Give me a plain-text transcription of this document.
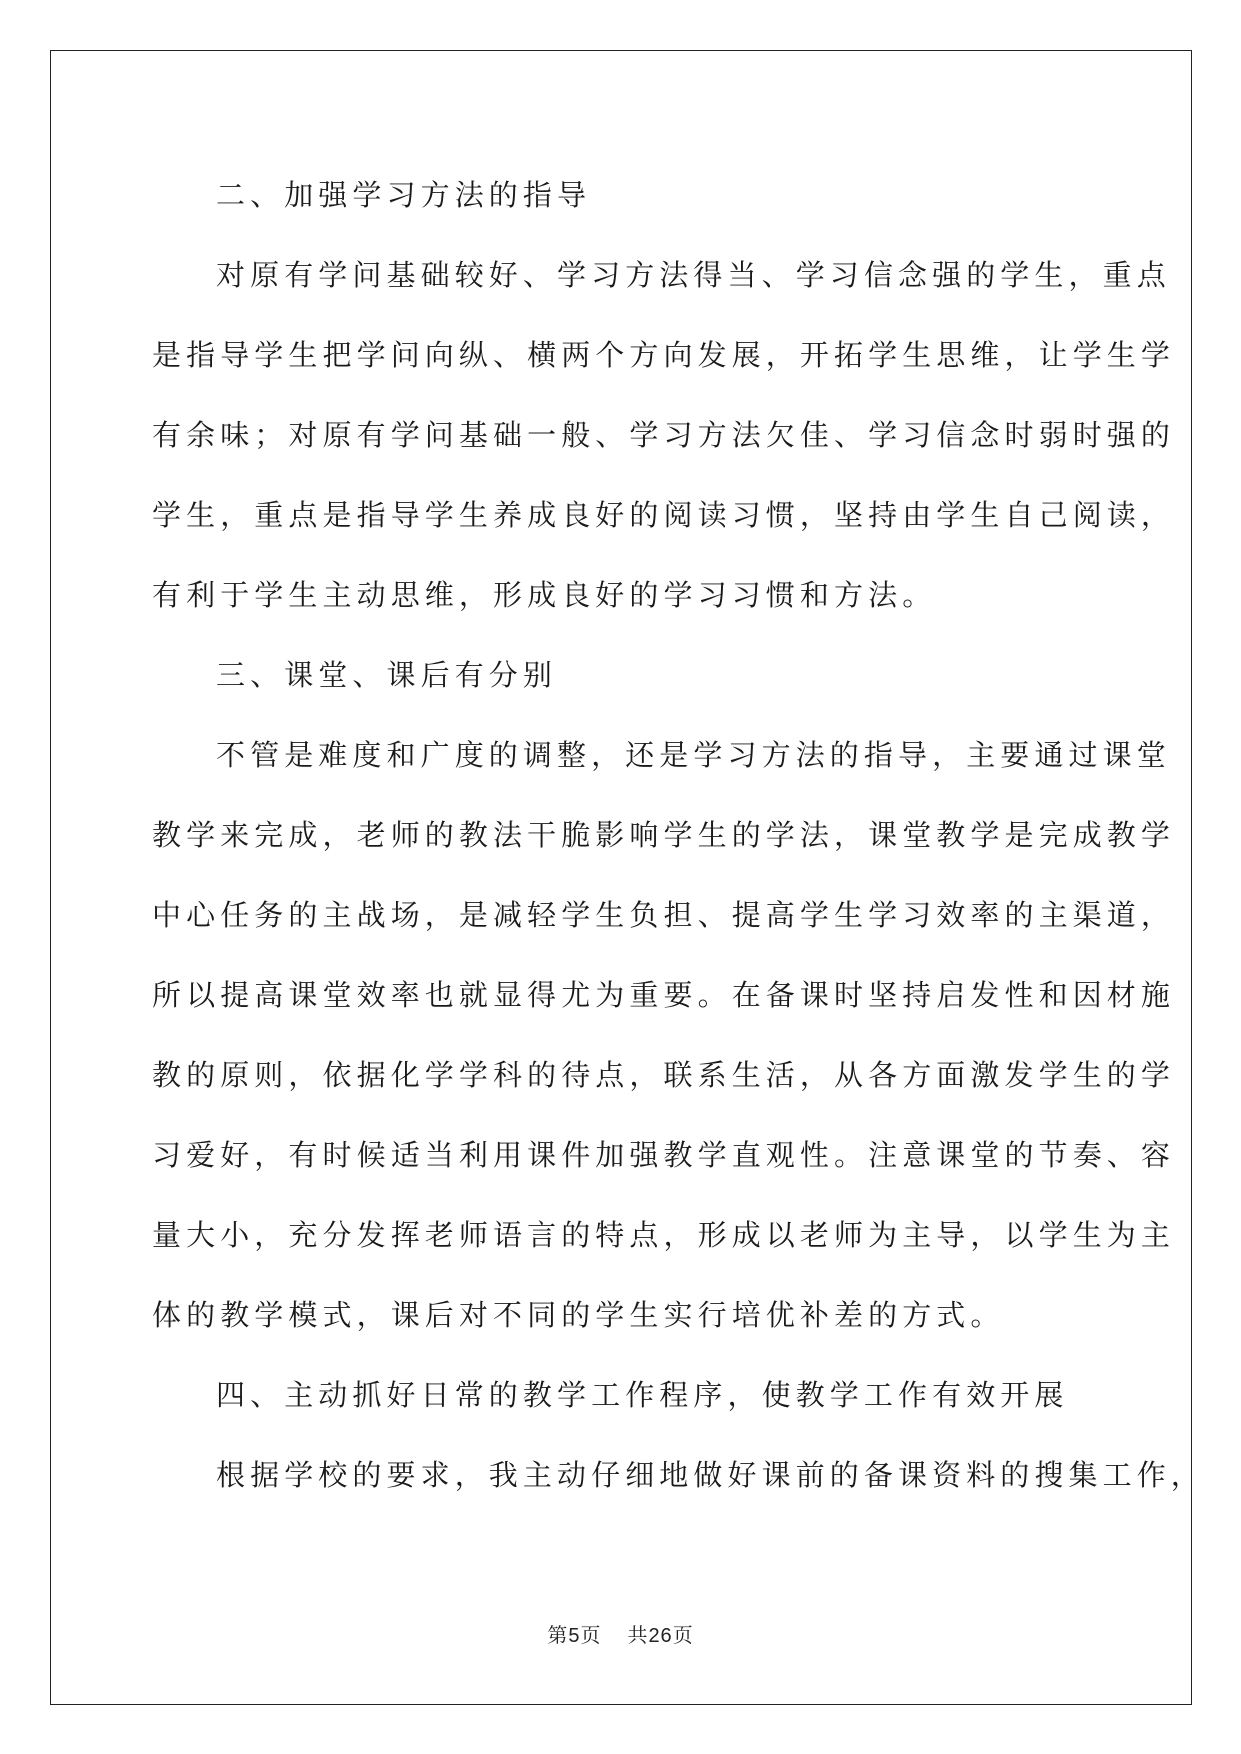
二、加强学习方法的指导
对原有学问基础较好、学习方法得当、学习信念强的学生，重点
是指导学生把学问向纵、横两个方向发展，开拓学生思维，让学生学
有余味；对原有学问基础一般、学习方法欠佳、学习信念时弱时强的
学生，重点是指导学生养成良好的阅读习惯，坚持由学生自己阅读，
有利于学生主动思维，形成良好的学习习惯和方法。
三、课堂、课后有分别
不管是难度和广度的调整，还是学习方法的指导，主要通过课堂
教学来完成，老师的教法干脆影响学生的学法，课堂教学是完成教学
中心任务的主战场，是减轻学生负担、提高学生学习效率的主渠道，
所以提高课堂效率也就显得尤为重要。在备课时坚持启发性和因材施
教的原则，依据化学学科的待点，联系生活，从各方面激发学生的学
习爱好，有时候适当利用课件加强教学直观性。注意课堂的节奏、容
量大小，充分发挥老师语言的特点，形成以老师为主导，以学生为主
体的教学模式，课后对不同的学生实行培优补差的方式。
四、主动抓好日常的教学工作程序，使教学工作有效开展
根据学校的要求，我主动仔细地做好课前的备课资料的搜集工作，
第5页 共26页
